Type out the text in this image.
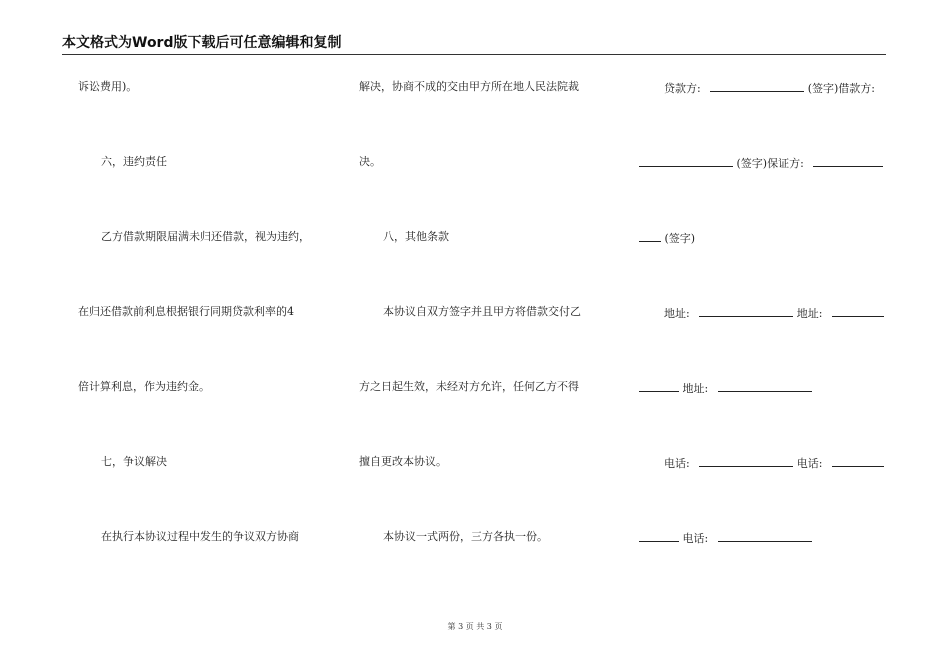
本文格式为Word版下载后可任意编辑和复制
诉讼费用)。
六，违约责任
乙方借款期限届满未归还借款，视为违约，
在归还借款前利息根据银行同期贷款利率的4
倍计算利息，作为违约金。
七，争议解决
在执行本协议过程中发生的争议双方协商
解决，协商不成的交由甲方所在地人民法院裁
决。
八，其他条款
本协议自双方签字并且甲方将借款交付乙
方之日起生效，未经对方允许，任何乙方不得
擅自更改本协议。
本协议一式两份，三方各执一份。
贷款方:	(签字)借款方:
(签字)保证方:
(签字)
地址:	地址:
地址:
电话:	电话:
电话:
第 3 页 共 3 页
